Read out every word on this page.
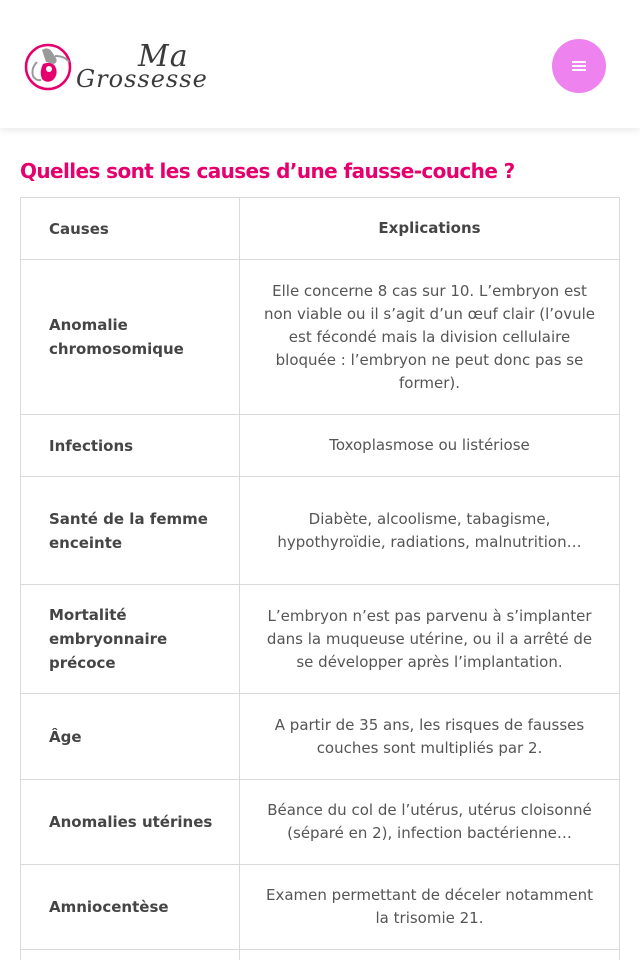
Ma
Grossesse
Quelles sont les causes d’une fausse-couche ?
Causes	Explications
Anomalie chromosomique	Elle concerne 8 cas sur 10. L’embryon est non viable ou il s’agit d’un œuf clair (l’ovule est fécondé mais la division cellulaire bloquée : l’embryon ne peut donc pas se former).
Infections	Toxoplasmose ou listériose
Santé de la femme enceinte	Diabète, alcoolisme, tabagisme, hypothyroïdie, radiations, malnutrition…
Mortalité embryonnaire précoce	L’embryon n’est pas parvenu à s’implanter dans la muqueuse utérine, ou il a arrêté de se développer après l’implantation.
Âge	A partir de 35 ans, les risques de fausses couches sont multipliés par 2.
Anomalies utérines	Béance du col de l’utérus, utérus cloisonné (séparé en 2), infection bactérienne…
Amniocentèse	Examen permettant de déceler notamment la trisomie 21.
